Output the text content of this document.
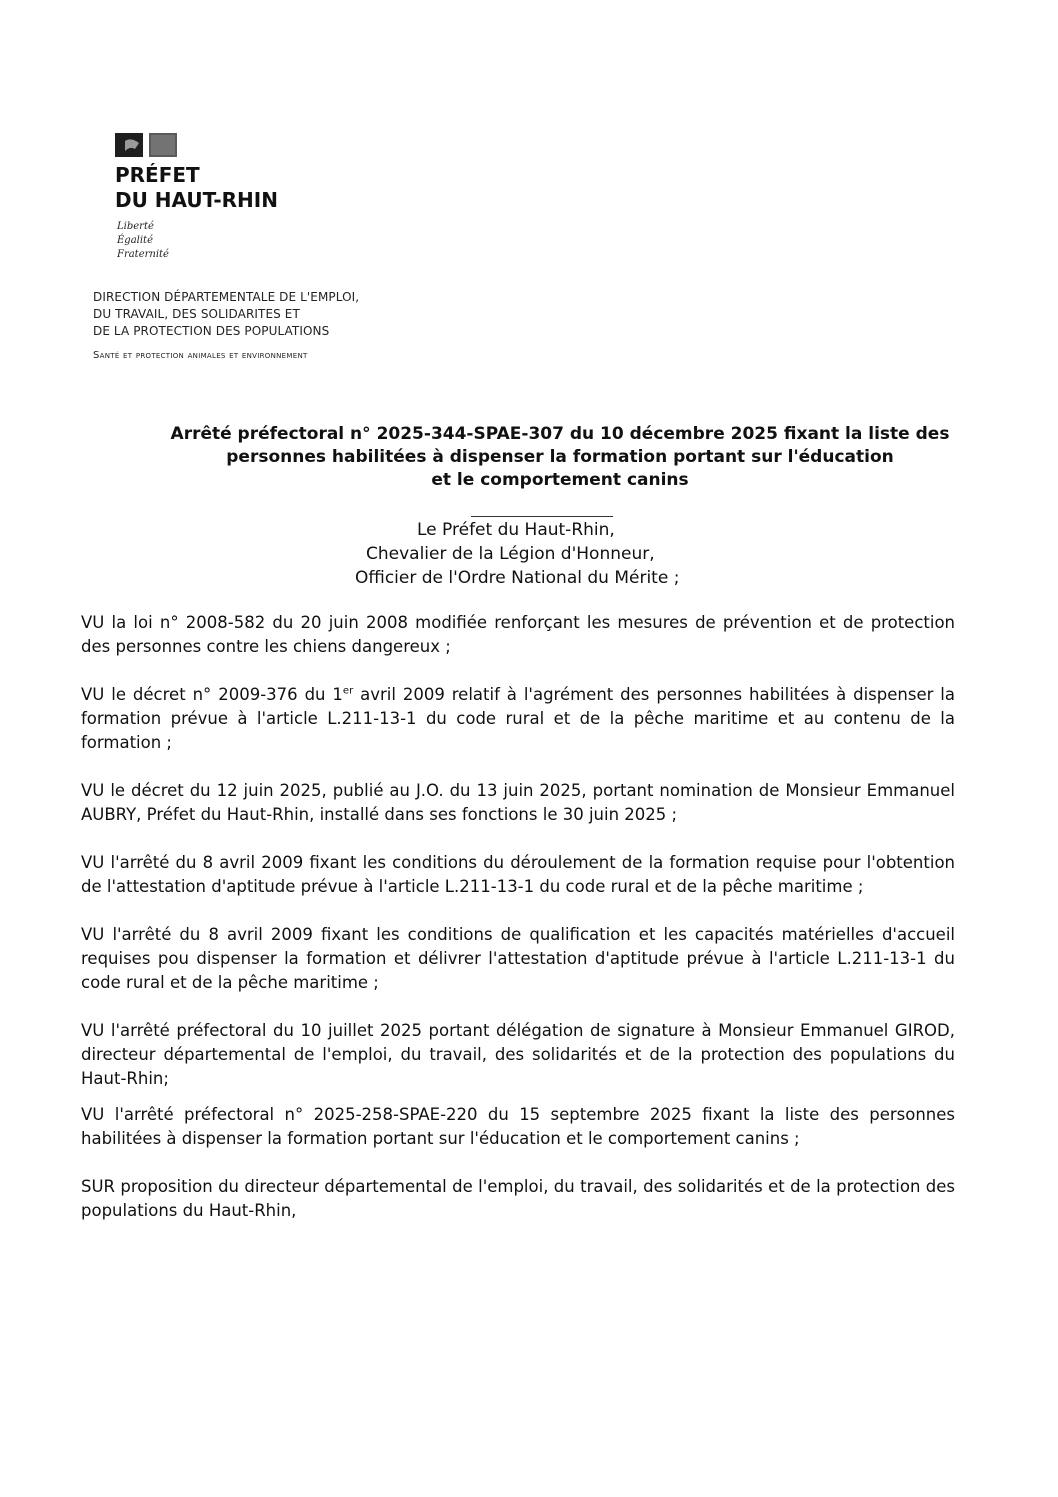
PRÉFET
DU HAUT-RHIN
Liberté
Égalité
Fraternité
DIRECTION DÉPARTEMENTALE DE L'EMPLOI,
DU TRAVAIL, DES SOLIDARITES ET
DE LA PROTECTION DES POPULATIONS
Santé et protection animales et environnement
Arrêté préfectoral n° 2025-344-SPAE-307 du 10 décembre 2025 fixant la liste des
personnes habilitées à dispenser la formation portant sur l'éducation
et le comportement canins
Le Préfet du Haut-Rhin,
Chevalier de la Légion d'Honneur,
Officier de l'Ordre National du Mérite ;

VU la loi n° 2008-582 du 20 juin 2008 modifiée renforçant les mesures de prévention et de protection des personnes contre les chiens dangereux ;

VU le décret n° 2009-376 du 1er avril 2009 relatif à l'agrément des personnes habilitées à dispenser la formation prévue à l'article L.211-13-1 du code rural et de la pêche maritime et au contenu de la formation ;

VU le décret du 12 juin 2025, publié au J.O. du 13 juin 2025, portant nomination de Monsieur Emmanuel AUBRY, Préfet du Haut-Rhin, installé dans ses fonctions le 30 juin 2025 ;

VU l'arrêté du 8 avril 2009 fixant les conditions du déroulement de la formation requise pour l'obtention de l'attestation d'aptitude prévue à l'article L.211-13-1 du code rural et de la pêche maritime ;

VU l'arrêté du 8 avril 2009 fixant les conditions de qualification et les capacités matérielles d'accueil requises pou dispenser la formation et délivrer l'attestation d'aptitude prévue à l'article L.211-13-1 du code rural et de la pêche maritime ;

VU l'arrêté préfectoral du 10 juillet 2025 portant délégation de signature à Monsieur Emmanuel GIROD, directeur départemental de l'emploi, du travail, des solidarités et de la protection des populations du Haut-Rhin;

VU l'arrêté préfectoral n° 2025-258-SPAE-220 du 15 septembre 2025 fixant la liste des personnes habilitées à dispenser la formation portant sur l'éducation et le comportement canins ;

SUR proposition du directeur départemental de l'emploi, du travail, des solidarités et de la protection des populations du Haut-Rhin,
